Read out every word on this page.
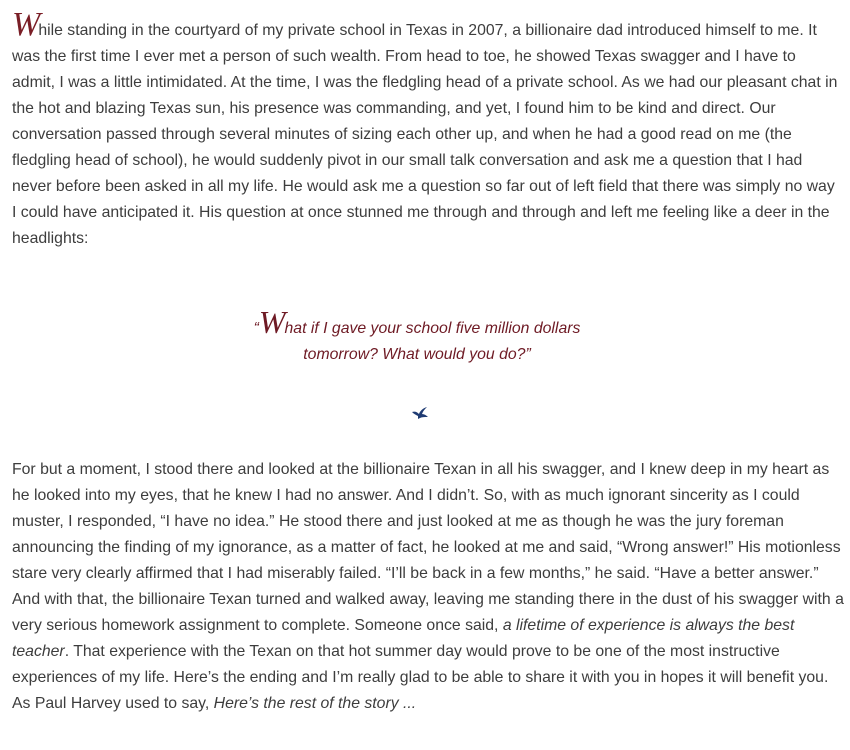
While standing in the courtyard of my private school in Texas in 2007, a billionaire dad introduced himself to me. It was the first time I ever met a person of such wealth. From head to toe, he showed Texas swagger and I have to admit, I was a little intimidated. At the time, I was the fledgling head of a private school. As we had our pleasant chat in the hot and blazing Texas sun, his presence was commanding, and yet, I found him to be kind and direct. Our conversation passed through several minutes of sizing each other up, and when he had a good read on me (the fledgling head of school), he would suddenly pivot in our small talk conversation and ask me a question that I had never before been asked in all my life. He would ask me a question so far out of left field that there was simply no way I could have anticipated it. His question at once stunned me through and through and left me feeling like a deer in the headlights:

“What if I gave your school five million dollars
tomorrow? What would you do?”

For but a moment, I stood there and looked at the billionaire Texan in all his swagger, and I knew deep in my heart as he looked into my eyes, that he knew I had no answer. And I didn’t. So, with as much ignorant sincerity as I could muster, I responded, “I have no idea.” He stood there and just looked at me as though he was the jury foreman announcing the finding of my ignorance, as a matter of fact, he looked at me and said, “Wrong answer!” His motionless stare very clearly affirmed that I had miserably failed. “I’ll be back in a few months,” he said. “Have a better answer.” And with that, the billionaire Texan turned and walked away, leaving me standing there in the dust of his swagger with a very serious homework assignment to complete. Someone once said, a lifetime of experience is always the best teacher. That experience with the Texan on that hot summer day would prove to be one of the most instructive experiences of my life. Here’s the ending and I’m really glad to be able to share it with you in hopes it will benefit you. As Paul Harvey used to say, Here’s the rest of the story ...
